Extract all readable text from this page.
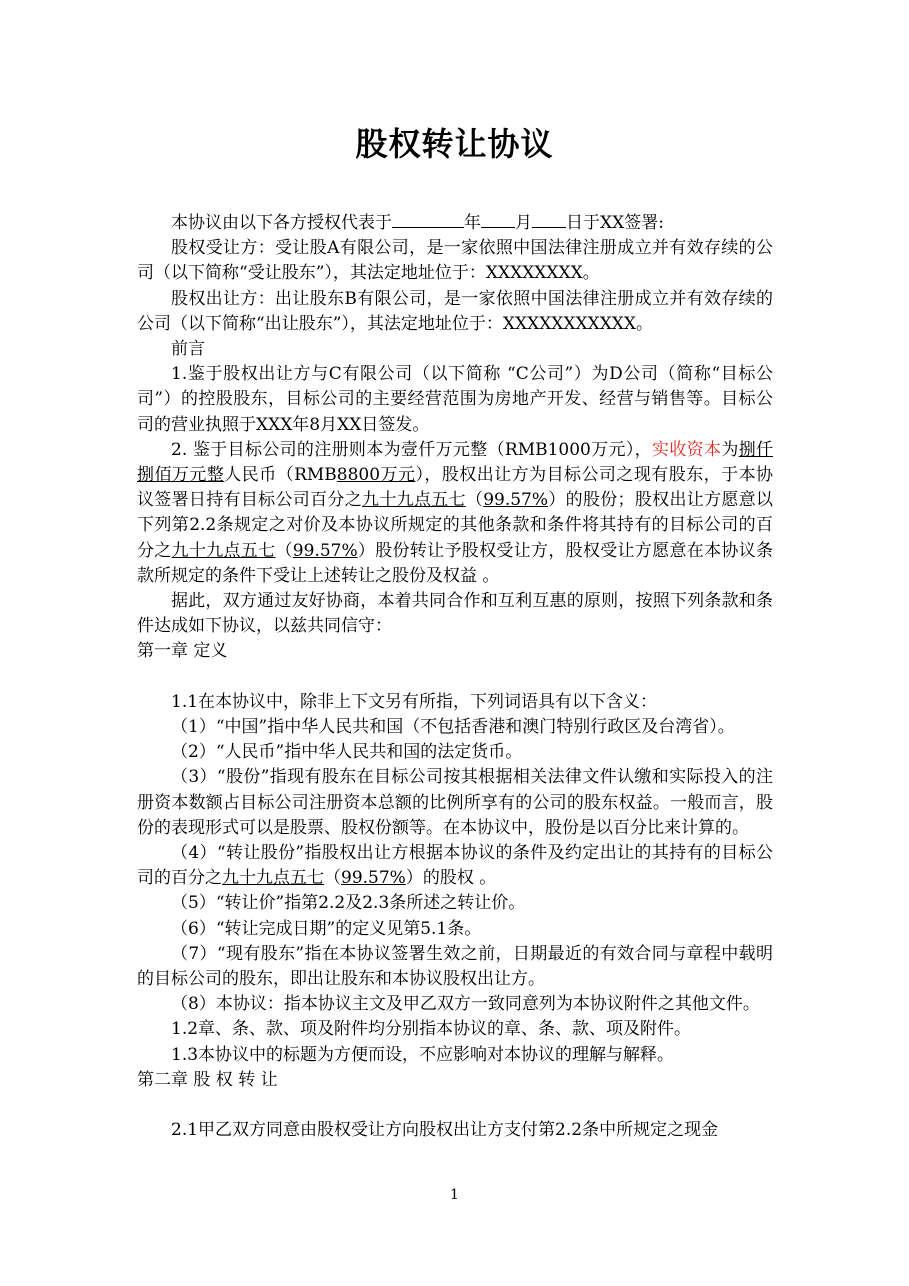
股权转让协议

本协议由以下各方授权代表于	年 月 日于XX签署:

股权受让方：受让股A有限公司，是一家依照中国法律注册成立并有效存续的公司（以下简称“受让股东”），其法定地址位于：XXXXXXXX。

股权出让方：出让股东B有限公司，是一家依照中国法律注册成立并有效存续的公司（以下简称“出让股东”），其法定地址位于：XXXXXXXXXXX。

前言

1.鉴于股权出让方与C有限公司（以下简称 “C公司”）为D公司（简称“目标公司”）的控股股东，目标公司的主要经营范围为房地产开发、经营与销售等。目标公司的营业执照于XXX年8月XX日签发。

2. 鉴于目标公司的注册则本为壹仟万元整（RMB1000万元），实收资本为捌仟捌佰万元整人民币（RMB8800万元），股权出让方为目标公司之现有股东，于本协议签署日持有目标公司百分之九十九点五七（99.57%）的股份；股权出让方愿意以下列第2.2条规定之对价及本协议所规定的其他条款和条件将其持有的目标公司的百分之九十九点五七（99.57%）股份转让予股权受让方，股权受让方愿意在本协议条款所规定的条件下受让上述转让之股份及权益 。

据此，双方通过友好协商，本着共同合作和互利互惠的原则，按照下列条款和条件达成如下协议，以兹共同信守：

第一章 定义

1.1在本协议中，除非上下文另有所指，下列词语具有以下含义：

（1）“中国”指中华人民共和国（不包括香港和澳门特别行政区及台湾省）。

（2）“人民币”指中华人民共和国的法定货币。

（3）“股份”指现有股东在目标公司按其根据相关法律文件认缴和实际投入的注册资本数额占目标公司注册资本总额的比例所享有的公司的股东权益。一般而言，股份的表现形式可以是股票、股权份额等。在本协议中，股份是以百分比来计算的。

（4）“转让股份”指股权出让方根据本协议的条件及约定出让的其持有的目标公司的百分之九十九点五七（99.57%）的股权 。

（5）“转让价”指第2.2及2.3条所述之转让价。

（6）“转让完成日期”的定义见第5.1条。

（7）“现有股东”指在本协议签署生效之前，日期最近的有效合同与章程中载明的目标公司的股东，即出让股东和本协议股权出让方。

（8）本协议：指本协议主文及甲乙双方一致同意列为本协议附件之其他文件。

1.2章、条、款、项及附件均分别指本协议的章、条、款、项及附件。

1.3本协议中的标题为方便而设，不应影响对本协议的理解与解释。

第二章 股 权 转 让

2.1甲乙双方同意由股权受让方向股权出让方支付第2.2条中所规定之现金

1
